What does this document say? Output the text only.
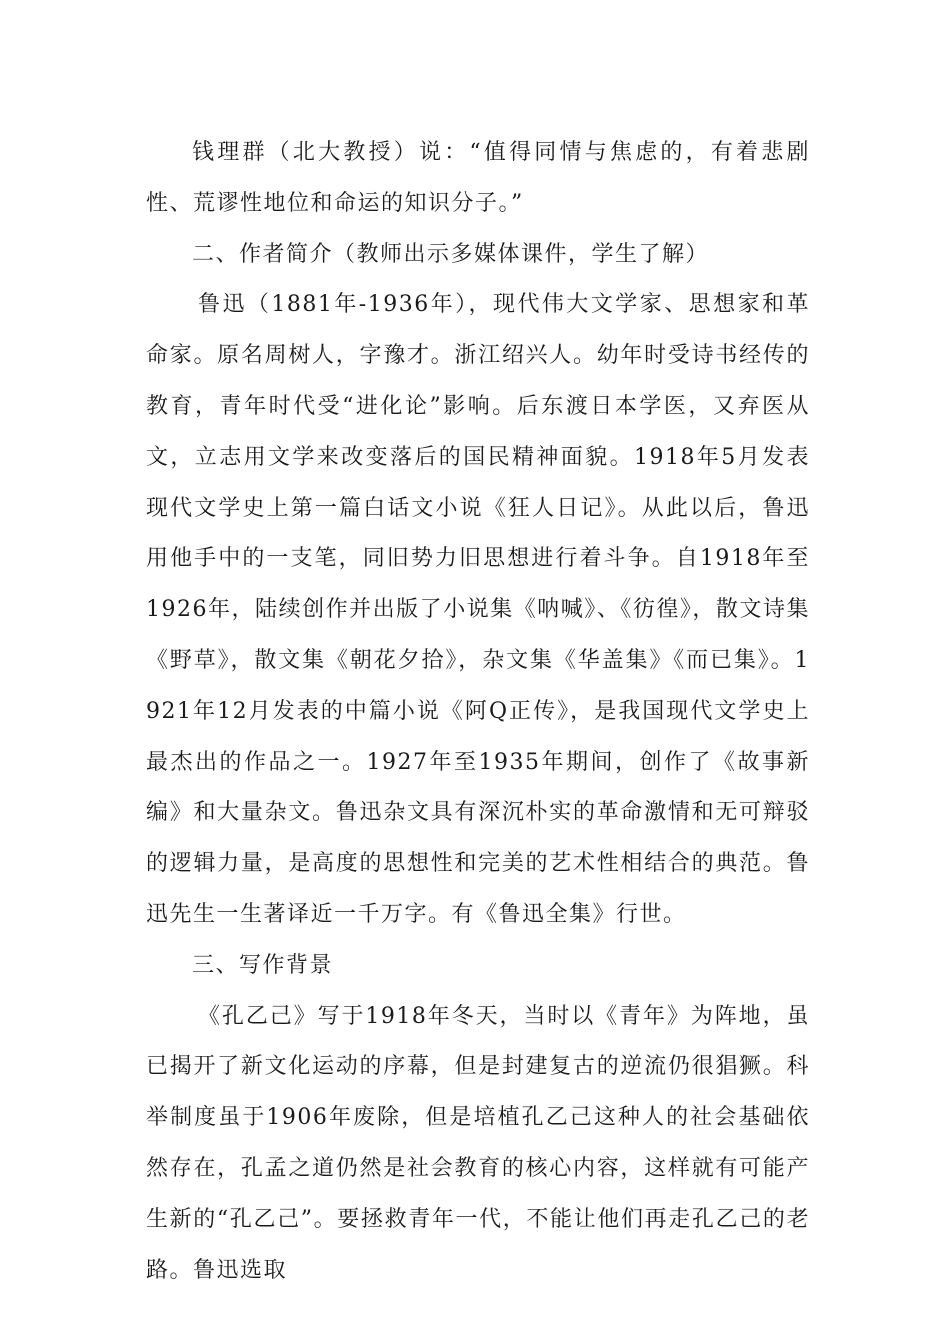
钱理群（北大教授）说：“值得同情与焦虑的，有着悲剧性、荒谬性地位和命运的知识分子。”

二、作者简介（教师出示多媒体课件，学生了解）

鲁迅（1881年-1936年），现代伟大文学家、思想家和革命家。原名周树人，字豫才。浙江绍兴人。幼年时受诗书经传的教育，青年时代受“进化论”影响。后东渡日本学医，又弃医从文，立志用文学来改变落后的国民精神面貌。1918年5月发表现代文学史上第一篇白话文小说《狂人日记》。从此以后，鲁迅用他手中的一支笔，同旧势力旧思想进行着斗争。自1918年至1926年，陆续创作并出版了小说集《呐喊》、《彷徨》，散文诗集《野草》，散文集《朝花夕拾》，杂文集《华盖集》《而已集》。1921年12月发表的中篇小说《阿Q正传》，是我国现代文学史上最杰出的作品之一。1927年至1935年期间，创作了《故事新编》和大量杂文。鲁迅杂文具有深沉朴实的革命激情和无可辩驳的逻辑力量，是高度的思想性和完美的艺术性相结合的典范。鲁迅先生一生著译近一千万字。有《鲁迅全集》行世。

三、写作背景

《孔乙己》写于1918年冬天，当时以《青年》为阵地，虽已揭开了新文化运动的序幕，但是封建复古的逆流仍很猖獗。科举制度虽于1906年废除，但是培植孔乙己这种人的社会基础依然存在，孔孟之道仍然是社会教育的核心内容，这样就有可能产生新的“孔乙己”。要拯救青年一代，不能让他们再走孔乙己的老路。鲁迅选取
